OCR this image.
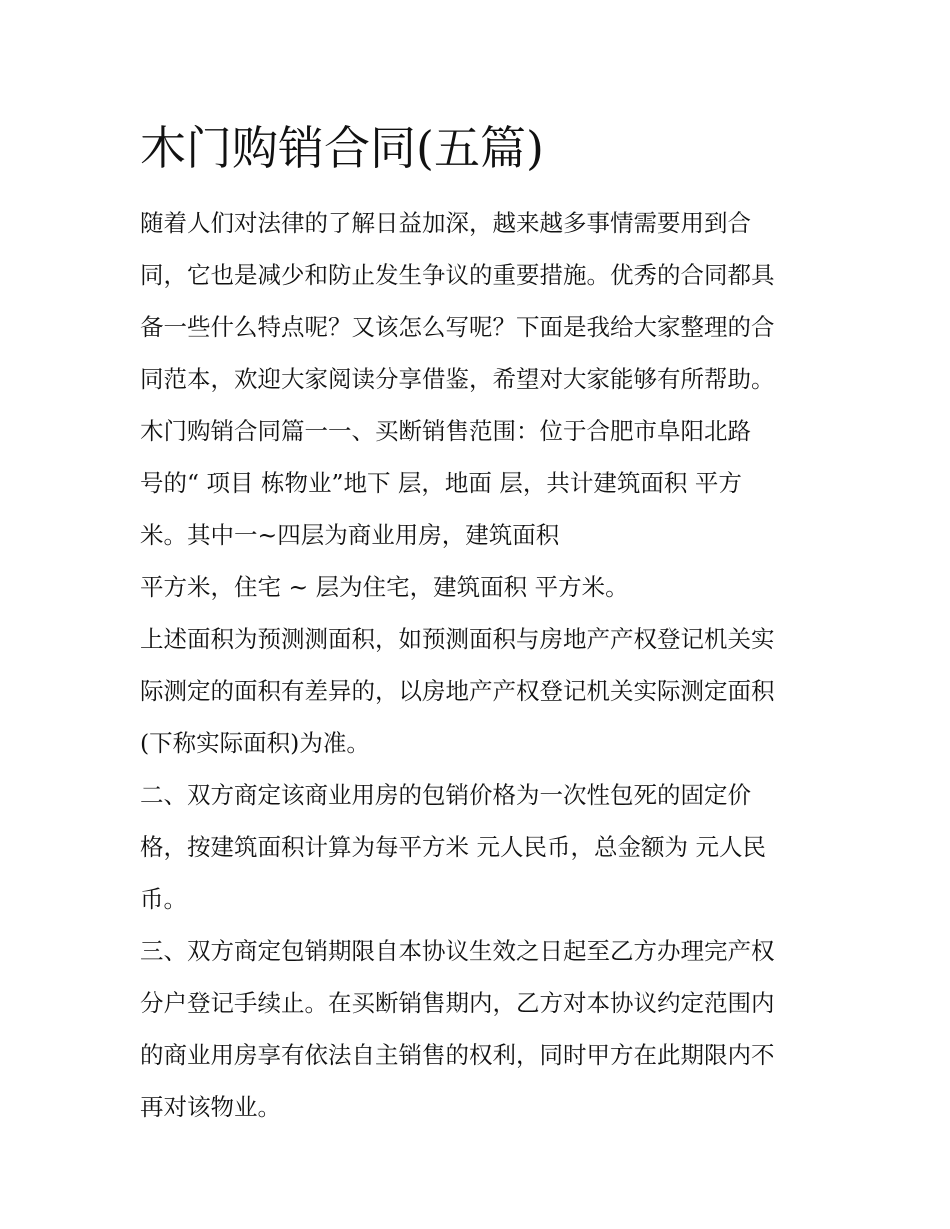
木门购销合同(五篇)

随着人们对法律的了解日益加深，越来越多事情需要用到合

同，它也是减少和防止发生争议的重要措施。优秀的合同都具

备一些什么特点呢？又该怎么写呢？下面是我给大家整理的合

同范本，欢迎大家阅读分享借鉴，希望对大家能够有所帮助。

木门购销合同篇一一、买断销售范围：位于合肥市阜阳北路

号的“ 项目 栋物业”地下 层，地面 层，共计建筑面积 平方

米。其中一~四层为商业用房，建筑面积

平方米，住宅 ~ 层为住宅，建筑面积 平方米。

上述面积为预测测面积，如预测面积与房地产产权登记机关实

际测定的面积有差异的，以房地产产权登记机关实际测定面积

(下称实际面积)为准。

二、双方商定该商业用房的包销价格为一次性包死的固定价

格，按建筑面积计算为每平方米 元人民币，总金额为 元人民

币。

三、双方商定包销期限自本协议生效之日起至乙方办理完产权

分户登记手续止。在买断销售期内，乙方对本协议约定范围内

的商业用房享有依法自主销售的权利，同时甲方在此期限内不

再对该物业。
